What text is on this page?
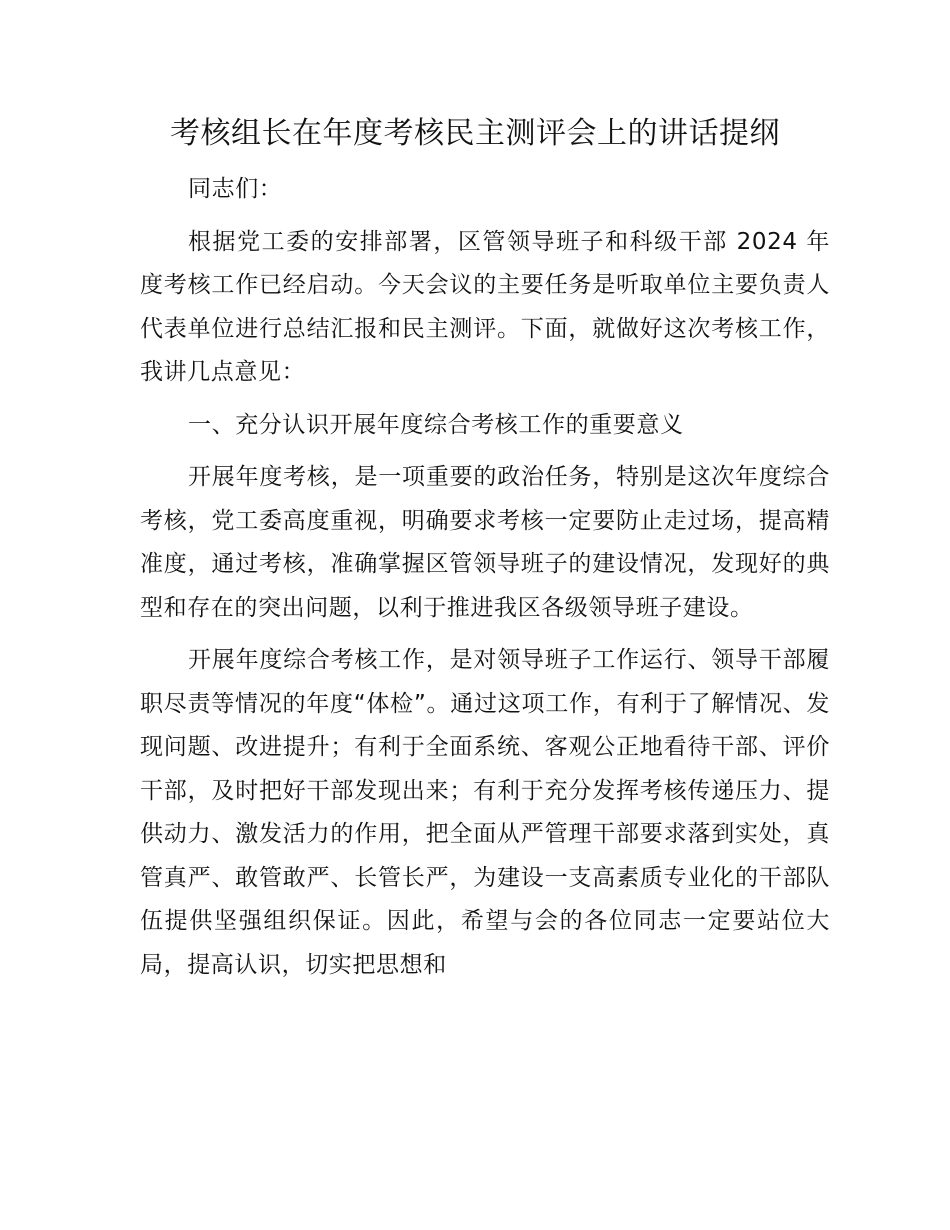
考核组长在年度考核民主测评会上的讲话提纲

同志们：

根据党工委的安排部署，区管领导班子和科级干部 2024 年度考核工作已经启动。今天会议的主要任务是听取单位主要负责人代表单位进行总结汇报和民主测评。下面，就做好这次考核工作，我讲几点意见：

一、充分认识开展年度综合考核工作的重要意义

开展年度考核，是一项重要的政治任务，特别是这次年度综合考核，党工委高度重视，明确要求考核一定要防止走过场，提高精准度，通过考核，准确掌握区管领导班子的建设情况，发现好的典型和存在的突出问题，以利于推进我区各级领导班子建设。

开展年度综合考核工作，是对领导班子工作运行、领导干部履职尽责等情况的年度“体检”。通过这项工作，有利于了解情况、发现问题、改进提升；有利于全面系统、客观公正地看待干部、评价干部，及时把好干部发现出来；有利于充分发挥考核传递压力、提供动力、激发活力的作用，把全面从严管理干部要求落到实处，真管真严、敢管敢严、长管长严，为建设一支高素质专业化的干部队伍提供坚强组织保证。因此，希望与会的各位同志一定要站位大局，提高认识，切实把思想和
